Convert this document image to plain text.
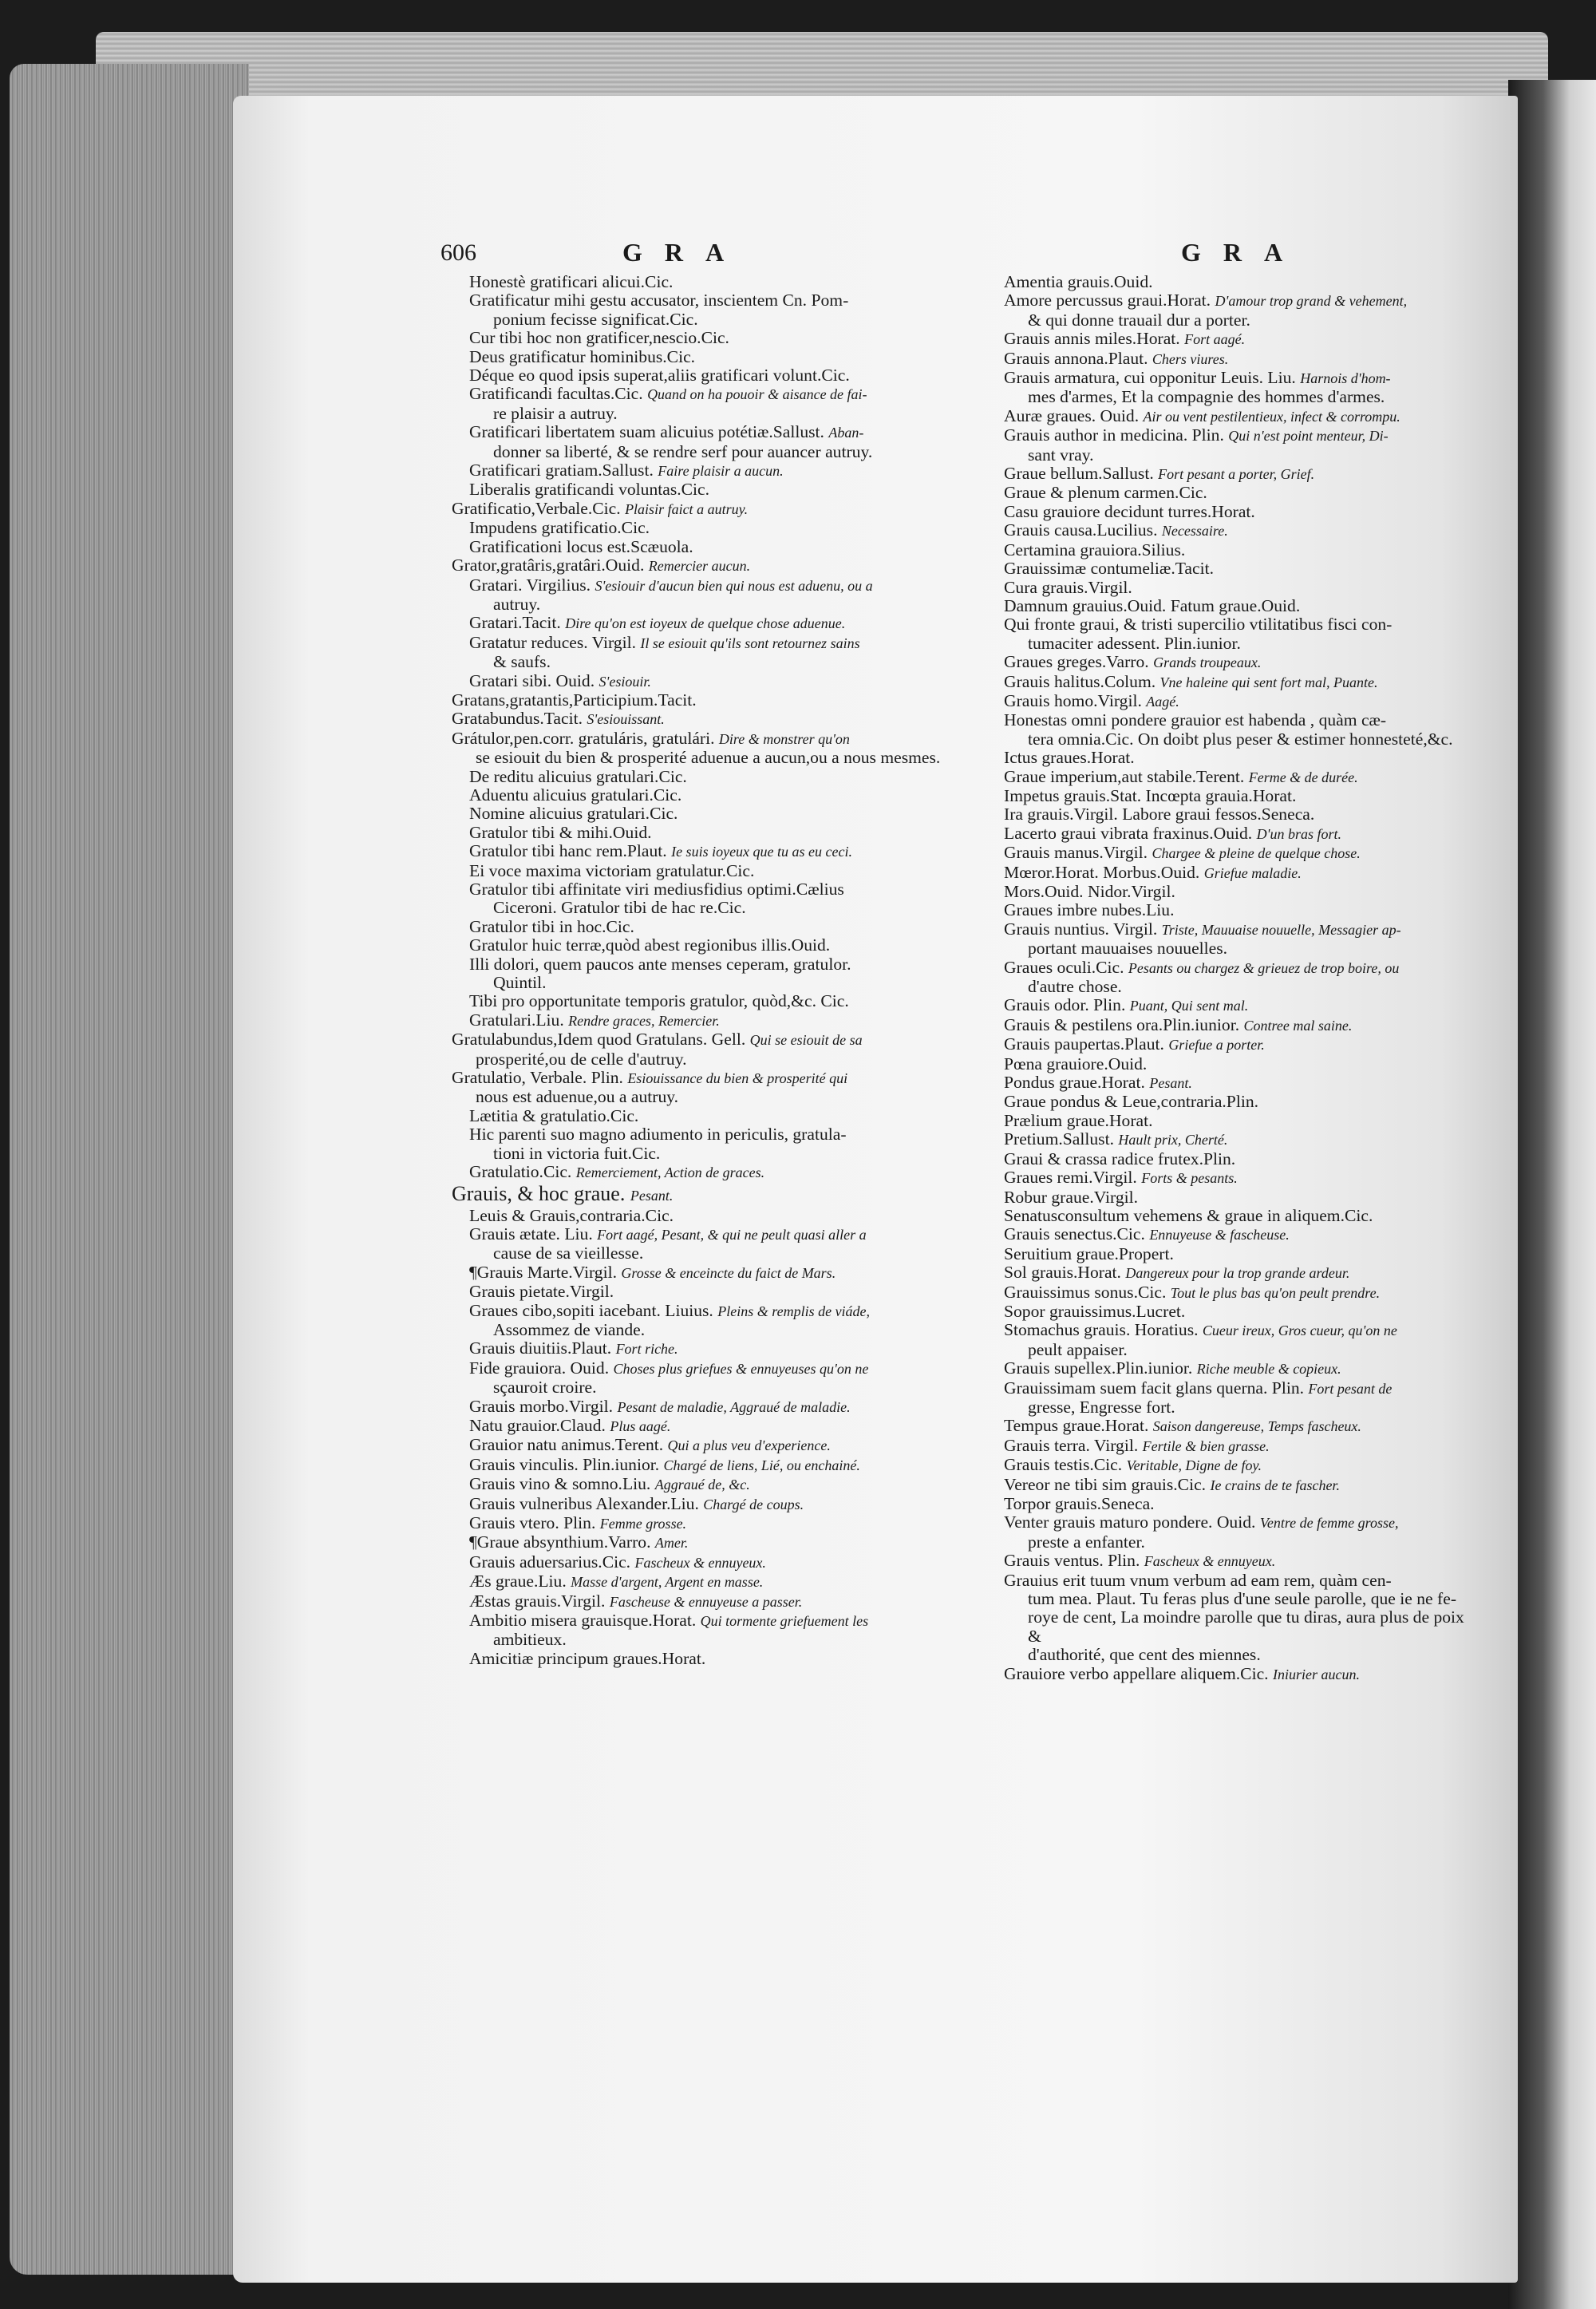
606	GRA	GRA

Honestè gratificari alicui.Cic.

Gratificatur mihi gestu accusator, inscientem Cn. Pom-
ponium fecisse significat.Cic.

Cur tibi hoc non gratificer,nescio.Cic.

Deus gratificatur hominibus.Cic.

Déque eo quod ipsis superat,aliis gratificari volunt.Cic.

Gratificandi facultas.Cic. Quand on ha pouoir & aisance de fai-
re plaisir a autruy.

Gratificari libertatem suam alicuius potétiæ.Sallust. Aban-
donner sa liberté, & se rendre serf pour auancer autruy.

Gratificari gratiam.Sallust. Faire plaisir a aucun.

Liberalis gratificandi voluntas.Cic.

Gratificatio,Verbale.Cic. Plaisir faict a autruy.

Impudens gratificatio.Cic.

Gratificationi locus est.Scæuola.

Grator,gratâris,gratâri.Ouid. Remercier aucun.

Gratari. Virgilius. S'esiouir d'aucun bien qui nous est aduenu, ou a
autruy.

Gratari.Tacit. Dire qu'on est ioyeux de quelque chose aduenue.

Gratatur reduces. Virgil. Il se esiouit qu'ils sont retournez sains
& saufs.

Gratari sibi. Ouid. S'esiouir.

Gratans,gratantis,Participium.Tacit.

Gratabundus.Tacit. S'esiouissant.

Grátulor,pen.corr. gratuláris, gratulári. Dire & monstrer qu'on
se esiouit du bien & prosperité aduenue a aucun,ou a nous mesmes.

De reditu alicuius gratulari.Cic.

Aduentu alicuius gratulari.Cic.

Nomine alicuius gratulari.Cic.

Gratulor tibi & mihi.Ouid.

Gratulor tibi hanc rem.Plaut. Ie suis ioyeux que tu as eu ceci.

Ei voce maxima victoriam gratulatur.Cic.

Gratulor tibi affinitate viri mediusfidius optimi.Cælius
Ciceroni. Gratulor tibi de hac re.Cic.

Gratulor tibi in hoc.Cic.

Gratulor huic terræ,quòd abest regionibus illis.Ouid.

Illi dolori, quem paucos ante menses ceperam, gratulor.
Quintil.

Tibi pro opportunitate temporis gratulor, quòd,&c. Cic.

Gratulari.Liu. Rendre graces, Remercier.

Gratulabundus,Idem quod Gratulans. Gell. Qui se esiouit de sa
prosperité,ou de celle d'autruy.

Gratulatio, Verbale. Plin. Esiouissance du bien & prosperité qui
nous est aduenue,ou a autruy.

Lætitia & gratulatio.Cic.

Hic parenti suo magno adiumento in periculis, gratula-
tioni in victoria fuit.Cic.

Gratulatio.Cic. Remerciement, Action de graces.

Grauis, & hoc graue. Pesant.

Leuis & Grauis,contraria.Cic.

Grauis ætate. Liu. Fort aagé, Pesant, & qui ne peult quasi aller a
cause de sa vieillesse.

¶Grauis Marte.Virgil. Grosse & enceincte du faict de Mars.

Grauis pietate.Virgil.

Graues cibo,sopiti iacebant. Liuius. Pleins & remplis de viáde,
Assommez de viande.

Grauis diuitiis.Plaut. Fort riche.

Fide grauiora. Ouid. Choses plus griefues & ennuyeuses qu'on ne
sçauroit croire.

Grauis morbo.Virgil. Pesant de maladie, Aggraué de maladie.

Natu grauior.Claud. Plus aagé.

Grauior natu animus.Terent. Qui a plus veu d'experience.

Grauis vinculis. Plin.iunior. Chargé de liens, Lié, ou enchainé.

Grauis vino & somno.Liu. Aggraué de, &c.

Grauis vulneribus Alexander.Liu. Chargé de coups.

Grauis vtero. Plin. Femme grosse.

¶Graue absynthium.Varro. Amer.

Grauis aduersarius.Cic. Fascheux & ennuyeux.

Æs graue.Liu. Masse d'argent, Argent en masse.

Æstas grauis.Virgil. Fascheuse & ennuyeuse a passer.

Ambitio misera grauisque.Horat. Qui tormente griefuement les
ambitieux.

Amicitiæ principum graues.Horat.

Amentia grauis.Ouid.

Amore percussus graui.Horat. D'amour trop grand & vehement,
& qui donne trauail dur a porter.

Grauis annis miles.Horat. Fort aagé.

Grauis annona.Plaut. Chers viures.

Grauis armatura, cui opponitur Leuis. Liu. Harnois d'hom-
mes d'armes, Et la compagnie des hommes d'armes.

Auræ graues. Ouid. Air ou vent pestilentieux, infect & corrompu.

Grauis author in medicina. Plin. Qui n'est point menteur, Di-
sant vray.

Graue bellum.Sallust. Fort pesant a porter, Grief.

Graue & plenum carmen.Cic.

Casu grauiore decidunt turres.Horat.

Grauis causa.Lucilius. Necessaire.

Certamina grauiora.Silius.

Grauissimæ contumeliæ.Tacit.

Cura grauis.Virgil.

Damnum grauius.Ouid. Fatum graue.Ouid.

Qui fronte graui, & tristi supercilio vtilitatibus fisci con-
tumaciter adessent. Plin.iunior.

Graues greges.Varro. Grands troupeaux.

Grauis halitus.Colum. Vne haleine qui sent fort mal, Puante.

Grauis homo.Virgil. Aagé.

Honestas omni pondere grauior est habenda , quàm cæ-
tera omnia.Cic. On doibt plus peser & estimer honnesteté,&c.

Ictus graues.Horat.

Graue imperium,aut stabile.Terent. Ferme & de durée.

Impetus grauis.Stat. Incœpta grauia.Horat.

Ira grauis.Virgil. Labore graui fessos.Seneca.

Lacerto graui vibrata fraxinus.Ouid. D'un bras fort.

Grauis manus.Virgil. Chargee & pleine de quelque chose.

Mœror.Horat. Morbus.Ouid. Griefue maladie.

Mors.Ouid. Nidor.Virgil.

Graues imbre nubes.Liu.

Grauis nuntius. Virgil. Triste, Mauuaise nouuelle, Messagier ap-
portant mauuaises nouuelles.

Graues oculi.Cic. Pesants ou chargez & grieuez de trop boire, ou
d'autre chose.

Grauis odor. Plin. Puant, Qui sent mal.

Grauis & pestilens ora.Plin.iunior. Contree mal saine.

Grauis paupertas.Plaut. Griefue a porter.

Pœna grauiore.Ouid.

Pondus graue.Horat. Pesant.

Graue pondus & Leue,contraria.Plin.

Prælium graue.Horat.

Pretium.Sallust. Hault prix, Cherté.

Graui & crassa radice frutex.Plin.

Graues remi.Virgil. Forts & pesants.

Robur graue.Virgil.

Senatusconsultum vehemens & graue in aliquem.Cic.

Grauis senectus.Cic. Ennuyeuse & fascheuse.

Seruitium graue.Propert.

Sol grauis.Horat. Dangereux pour la trop grande ardeur.

Grauissimus sonus.Cic. Tout le plus bas qu'on peult prendre.

Sopor grauissimus.Lucret.

Stomachus grauis. Horatius. Cueur ireux, Gros cueur, qu'on ne
peult appaiser.

Grauis supellex.Plin.iunior. Riche meuble & copieux.

Grauissimam suem facit glans querna. Plin. Fort pesant de
gresse, Engresse fort.

Tempus graue.Horat. Saison dangereuse, Temps fascheux.

Grauis terra. Virgil. Fertile & bien grasse.

Grauis testis.Cic. Veritable, Digne de foy.

Vereor ne tibi sim grauis.Cic. Ie crains de te fascher.

Torpor grauis.Seneca.

Venter grauis maturo pondere. Ouid. Ventre de femme grosse,
preste a enfanter.

Grauis ventus. Plin. Fascheux & ennuyeux.

Grauius erit tuum vnum verbum ad eam rem, quàm cen-
tum mea. Plaut. Tu feras plus d'une seule parolle, que ie ne fe-

roye de cent, La moindre parolle que tu diras, aura plus de poix &

d'authorité, que cent des miennes.

Grauiore verbo appellare aliquem.Cic. Iniurier aucun.
